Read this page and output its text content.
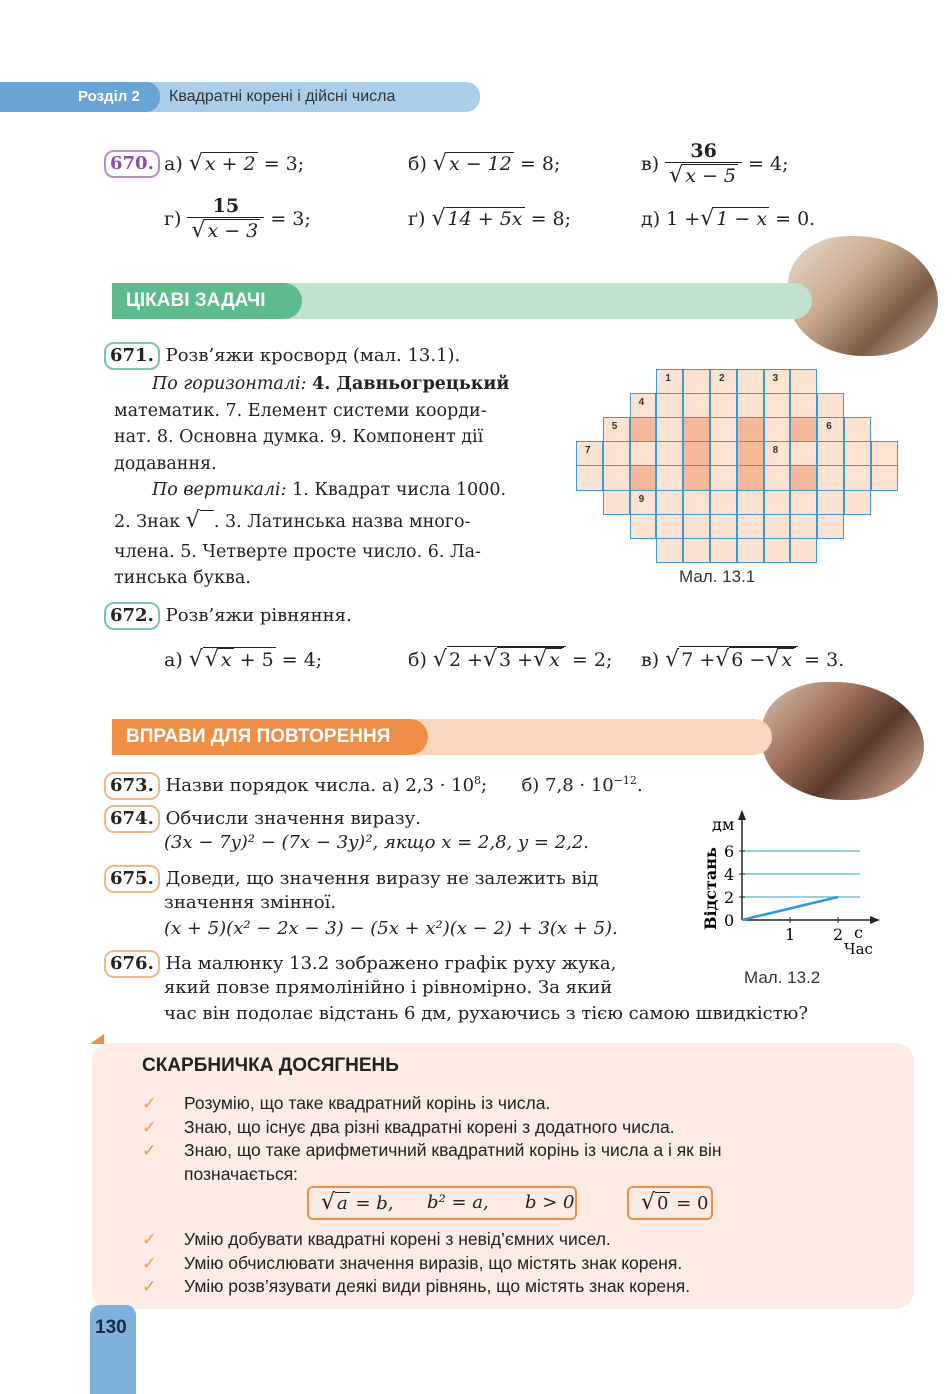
Розділ 2 Квадратні корені і дійсні числа
670. а) √ x + 2 = 3;	б) √ x − 12 = 8;	$в) \frac{36}{√ x - 5} = 4$;
$г) \frac{15}{√ x - 3} = 3$;	ґ) √ 14 + 5x = 8;	д) 1 +√ 1 − x = 0.
ЦІКАВІ ЗАДАЧІ
671. Розв’яжи кросворд (мал. 13.1).
По горизонталі: 4. Давньогрецький
математик. 7. Елемент системи коорди-
нат. 8. Основна думка. 9. Компонент дії
додавання.
По вертикалі: 1. Квадрат числа 1000.
2. Знак √ . 3. Латинська назва много-
члена. 5. Четверте просте число. 6. Ла-
тинська буква.
1	2	3
4
5	6
7	8
9
Мал. 13.1
672. Розв’яжи рівняння.
а) √√ x + 5 = 4;	б) √ 2 +√ 3 +√ x = 2; в) √ 7 +√ 6 −√ x = 3.
ВПРАВИ ДЛЯ ПОВТОРЕННЯ
673. Назви порядок числа. а) $2,3 \cdot 10^8$;      б) $7,8 \cdot 10^{-12}$.
674. Обчисли значення виразу.
(3x − 7y)² − (7x − 3y)², якщо x = 2,8, y = 2,2.
675. Доведи, що значення виразу не залежить від
значення змінної.
(x + 5)(x² − 2x − 3) − (5x + x²)(x − 2) + 3(x + 5).
676. На малюнку 13.2 зображено графік руху жука,
який повзе прямолінійно і рівномірно. За який
час він подолає відстань 6 дм, рухаючись з тією самою швидкістю?
0
2
4
6
1 2
дм
Відстань
с
Час
Мал. 13.2
СКАРБНИЧКА ДОСЯГНЕНЬ
✓ Розумію, що таке квадратний корінь із числа.
✓ Знаю, що існує два різні квадратні корені з додатного числа.
✓ Знаю, що таке арифметичний квадратний корінь із числа a і як він
позначається:
√ a = b, b² = a, b > 0	√ 0 = 0
✓ Умію добувати квадратні корені з невід’ємних чисел.
✓ Умію обчислювати значення виразів, що містять знак кореня.
✓ Умію розв’язувати деякі види рівнянь, що містять знак кореня.
130
